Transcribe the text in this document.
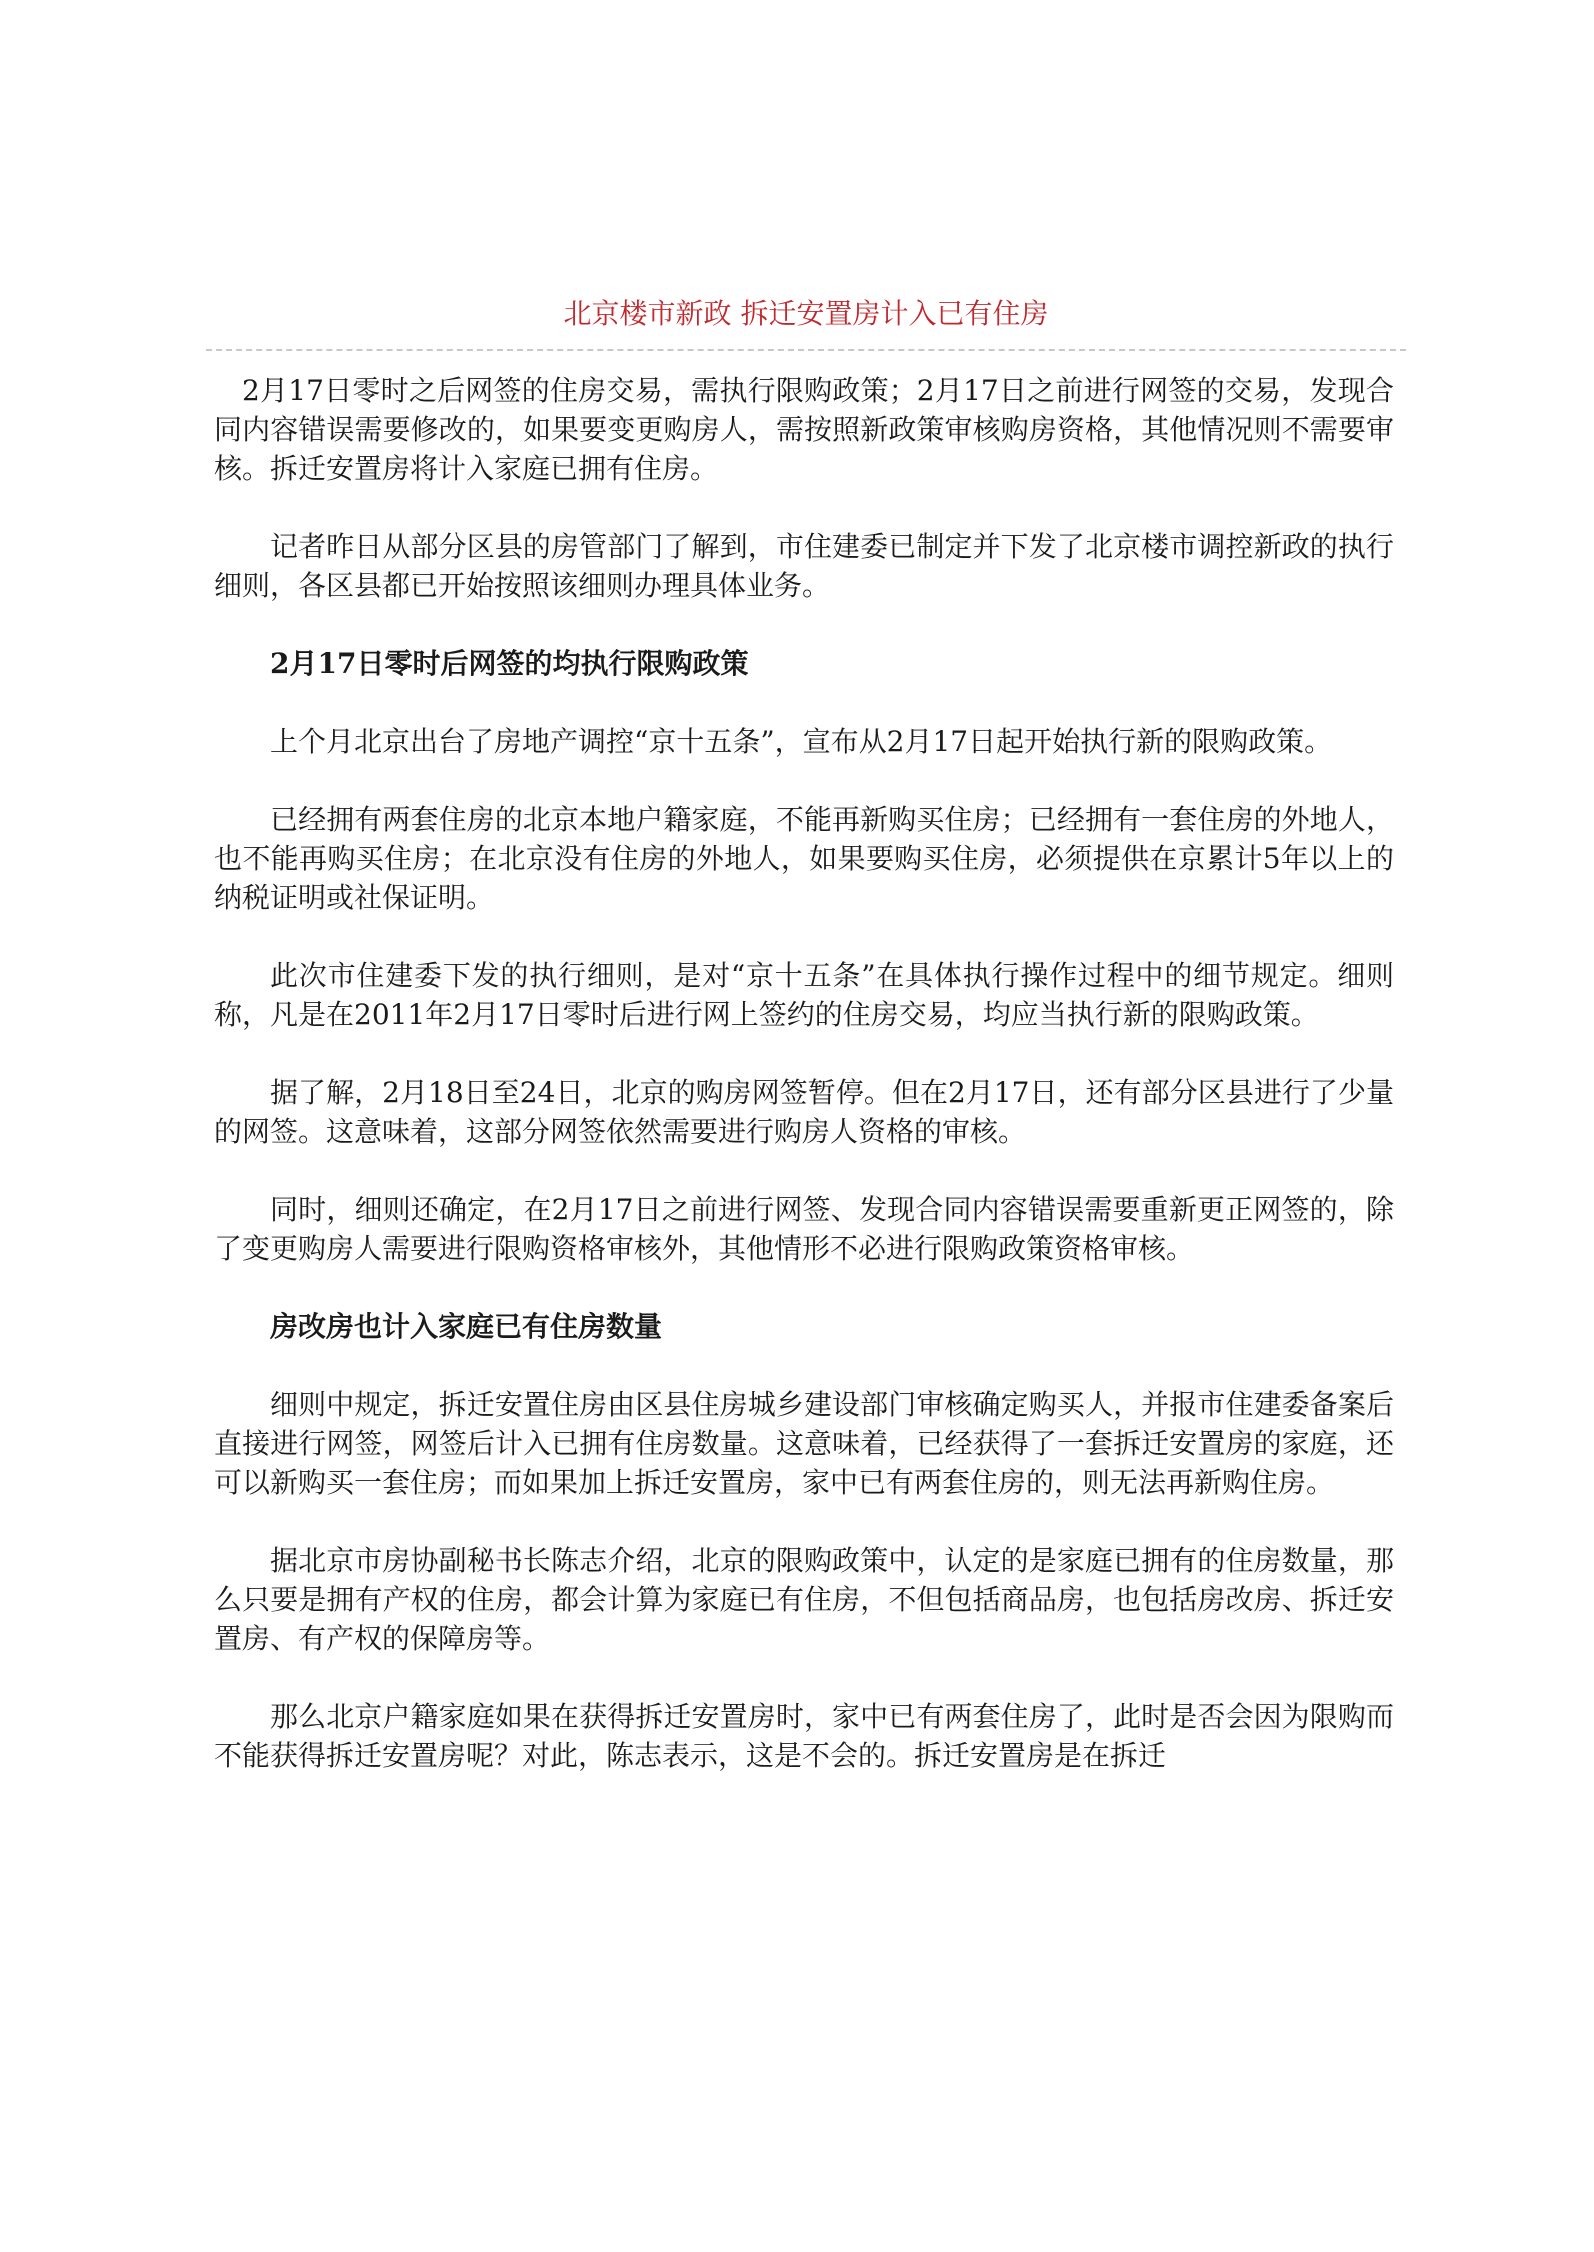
北京楼市新政 拆迁安置房计入已有住房

2月17日零时之后网签的住房交易，需执行限购政策；2月17日之前进行网签的交易，发现合同内容错误需要修改的，如果要变更购房人，需按照新政策审核购房资格，其他情况则不需要审核。拆迁安置房将计入家庭已拥有住房。

记者昨日从部分区县的房管部门了解到，市住建委已制定并下发了北京楼市调控新政的执行细则，各区县都已开始按照该细则办理具体业务。

2月17日零时后网签的均执行限购政策

上个月北京出台了房地产调控“京十五条”，宣布从2月17日起开始执行新的限购政策。

已经拥有两套住房的北京本地户籍家庭，不能再新购买住房；已经拥有一套住房的外地人，也不能再购买住房；在北京没有住房的外地人，如果要购买住房，必须提供在京累计5年以上的纳税证明或社保证明。

此次市住建委下发的执行细则，是对“京十五条”在具体执行操作过程中的细节规定。细则称，凡是在2011年2月17日零时后进行网上签约的住房交易，均应当执行新的限购政策。

据了解，2月18日至24日，北京的购房网签暂停。但在2月17日，还有部分区县进行了少量的网签。这意味着，这部分网签依然需要进行购房人资格的审核。

同时，细则还确定，在2月17日之前进行网签、发现合同内容错误需要重新更正网签的，除了变更购房人需要进行限购资格审核外，其他情形不必进行限购政策资格审核。

房改房也计入家庭已有住房数量

细则中规定，拆迁安置住房由区县住房城乡建设部门审核确定购买人，并报市住建委备案后直接进行网签，网签后计入已拥有住房数量。这意味着，已经获得了一套拆迁安置房的家庭，还可以新购买一套住房；而如果加上拆迁安置房，家中已有两套住房的，则无法再新购住房。

据北京市房协副秘书长陈志介绍，北京的限购政策中，认定的是家庭已拥有的住房数量，那么只要是拥有产权的住房，都会计算为家庭已有住房，不但包括商品房，也包括房改房、拆迁安置房、有产权的保障房等。

那么北京户籍家庭如果在获得拆迁安置房时，家中已有两套住房了，此时是否会因为限购而不能获得拆迁安置房呢？对此，陈志表示，这是不会的。拆迁安置房是在拆迁
